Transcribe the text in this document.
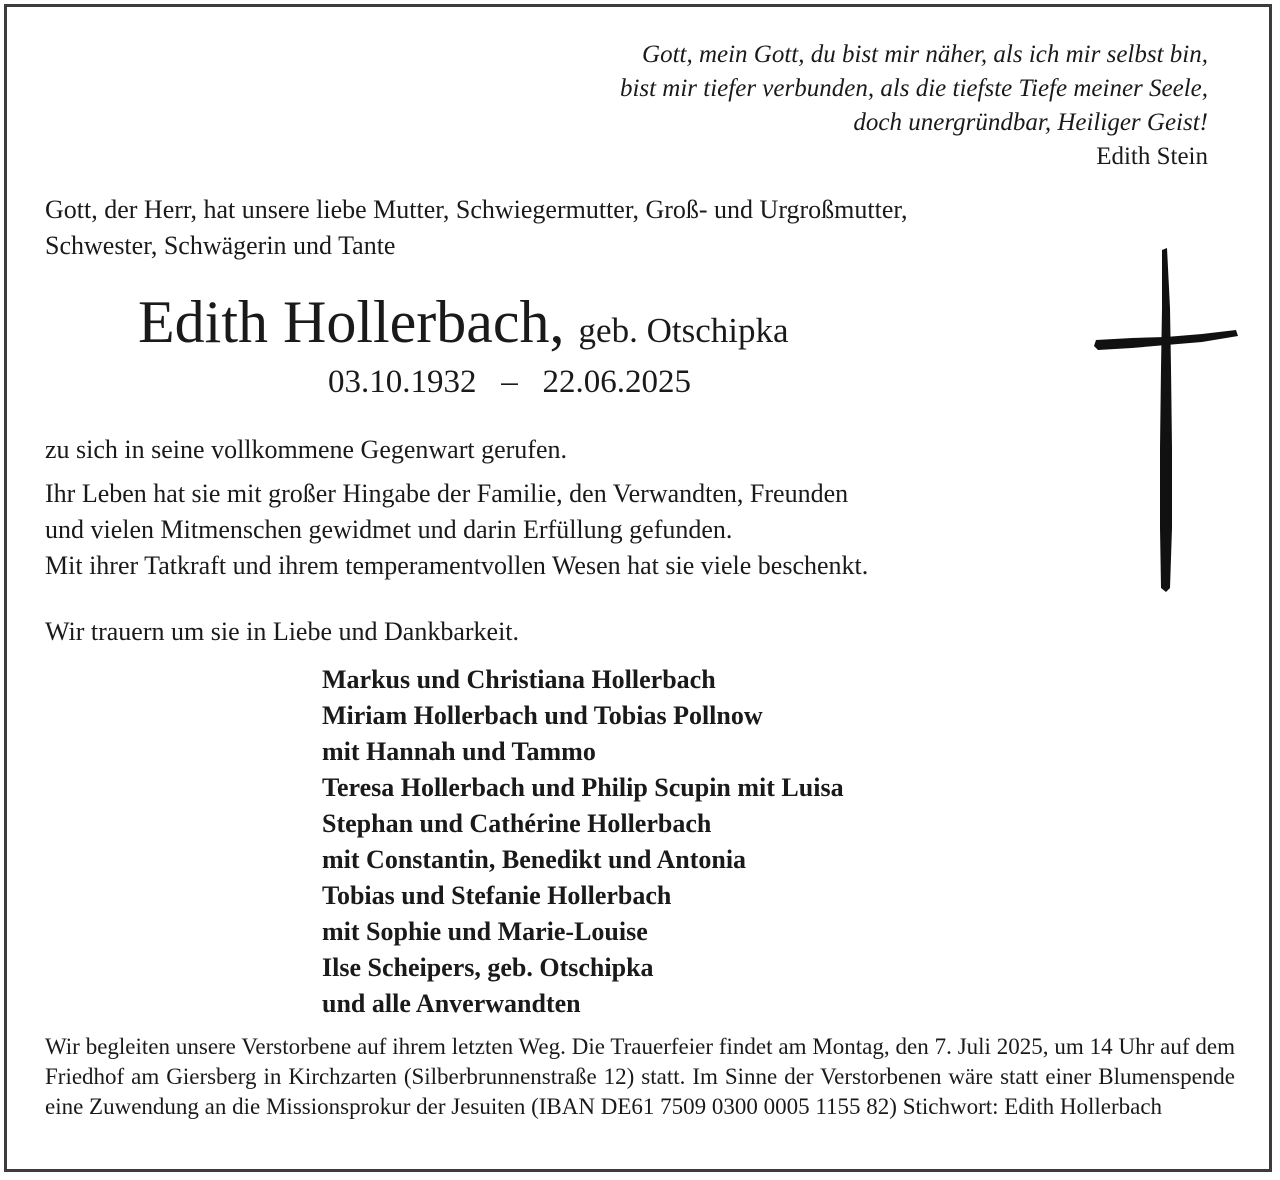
Gott, mein Gott, du bist mir näher, als ich mir selbst bin,
bist mir tiefer verbunden, als die tiefste Tiefe meiner Seele,
doch unergründbar, Heiliger Geist!
Edith Stein
Gott, der Herr, hat unsere liebe Mutter, Schwiegermutter, Groß- und Urgroßmutter,
Schwester, Schwägerin und Tante
Edith Hollerbach, geb. Otschipka
03.10.1932 – 22.06.2025
zu sich in seine vollkommene Gegenwart gerufen.
Ihr Leben hat sie mit großer Hingabe der Familie, den Verwandten, Freunden
und vielen Mitmenschen gewidmet und darin Erfüllung gefunden.
Mit ihrer Tatkraft und ihrem temperamentvollen Wesen hat sie viele beschenkt.
Wir trauern um sie in Liebe und Dankbarkeit.
Markus und Christiana Hollerbach
Miriam Hollerbach und Tobias Pollnow
mit Hannah und Tammo
Teresa Hollerbach und Philip Scupin mit Luisa
Stephan und Cathérine Hollerbach
mit Constantin, Benedikt und Antonia
Tobias und Stefanie Hollerbach
mit Sophie und Marie-Louise
Ilse Scheipers, geb. Otschipka
und alle Anverwandten
Wir begleiten unsere Verstorbene auf ihrem letzten Weg. Die Trauerfeier findet am Montag, den 7. Juli 2025, um 14 Uhr auf dem Friedhof am Giersberg in Kirchzarten (Silberbrunnenstraße 12) statt. Im Sinne der Verstorbenen wäre statt einer Blumenspende eine Zuwendung an die Missionsprokur der Jesuiten (IBAN DE61 7509 0300 0005 1155 82) Stichwort: Edith Hollerbach
